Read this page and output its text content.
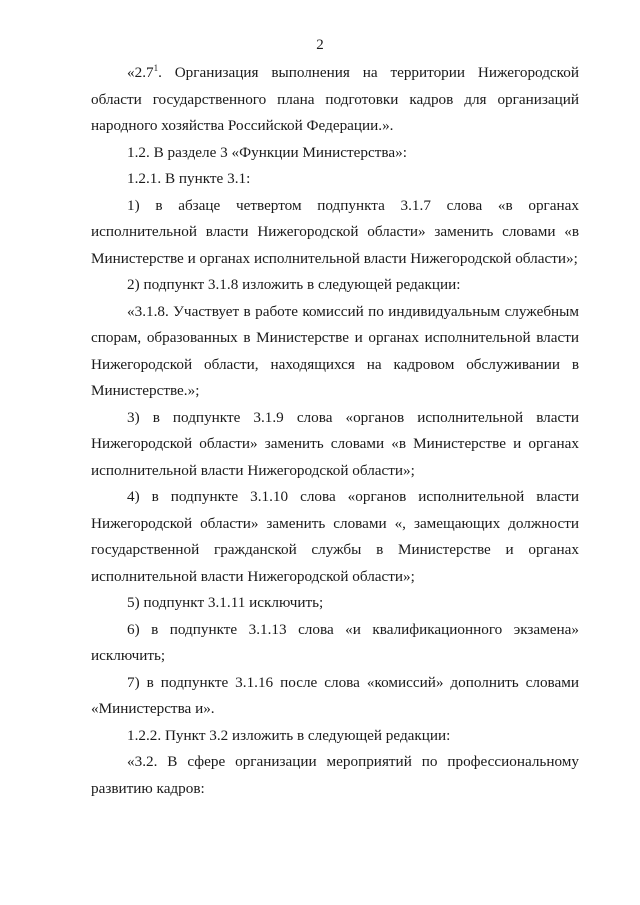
2

«$2.7^1$. Организация выполнения на территории Нижегородской области государственного плана подготовки кадров для организаций народного хозяйства Российской Федерации.».

1.2. В разделе 3 «Функции Министерства»:

1.2.1. В пункте 3.1:

1) в абзаце четвертом подпункта 3.1.7 слова «в органах исполнительной власти Нижегородской области» заменить словами «в Министерстве и органах исполнительной власти Нижегородской области»;

2) подпункт 3.1.8 изложить в следующей редакции:

«3.1.8. Участвует в работе комиссий по индивидуальным служебным спорам, образованных в Министерстве и органах исполнительной власти Нижегородской области, находящихся на кадровом обслуживании в Министерстве.»;

3) в подпункте 3.1.9 слова «органов исполнительной власти Нижегородской области» заменить словами «в Министерстве и органах исполнительной власти Нижегородской области»;

4) в подпункте 3.1.10 слова «органов исполнительной власти Нижегородской области» заменить словами «, замещающих должности государственной гражданской службы в Министерстве и органах исполнительной власти Нижегородской области»;

5) подпункт 3.1.11 исключить;

6) в подпункте 3.1.13 слова «и квалификационного экзамена» исключить;

7) в подпункте 3.1.16 после слова «комиссий» дополнить словами «Министерства и».

1.2.2. Пункт 3.2 изложить в следующей редакции:

«3.2. В сфере организации мероприятий по профессиональному развитию кадров:
